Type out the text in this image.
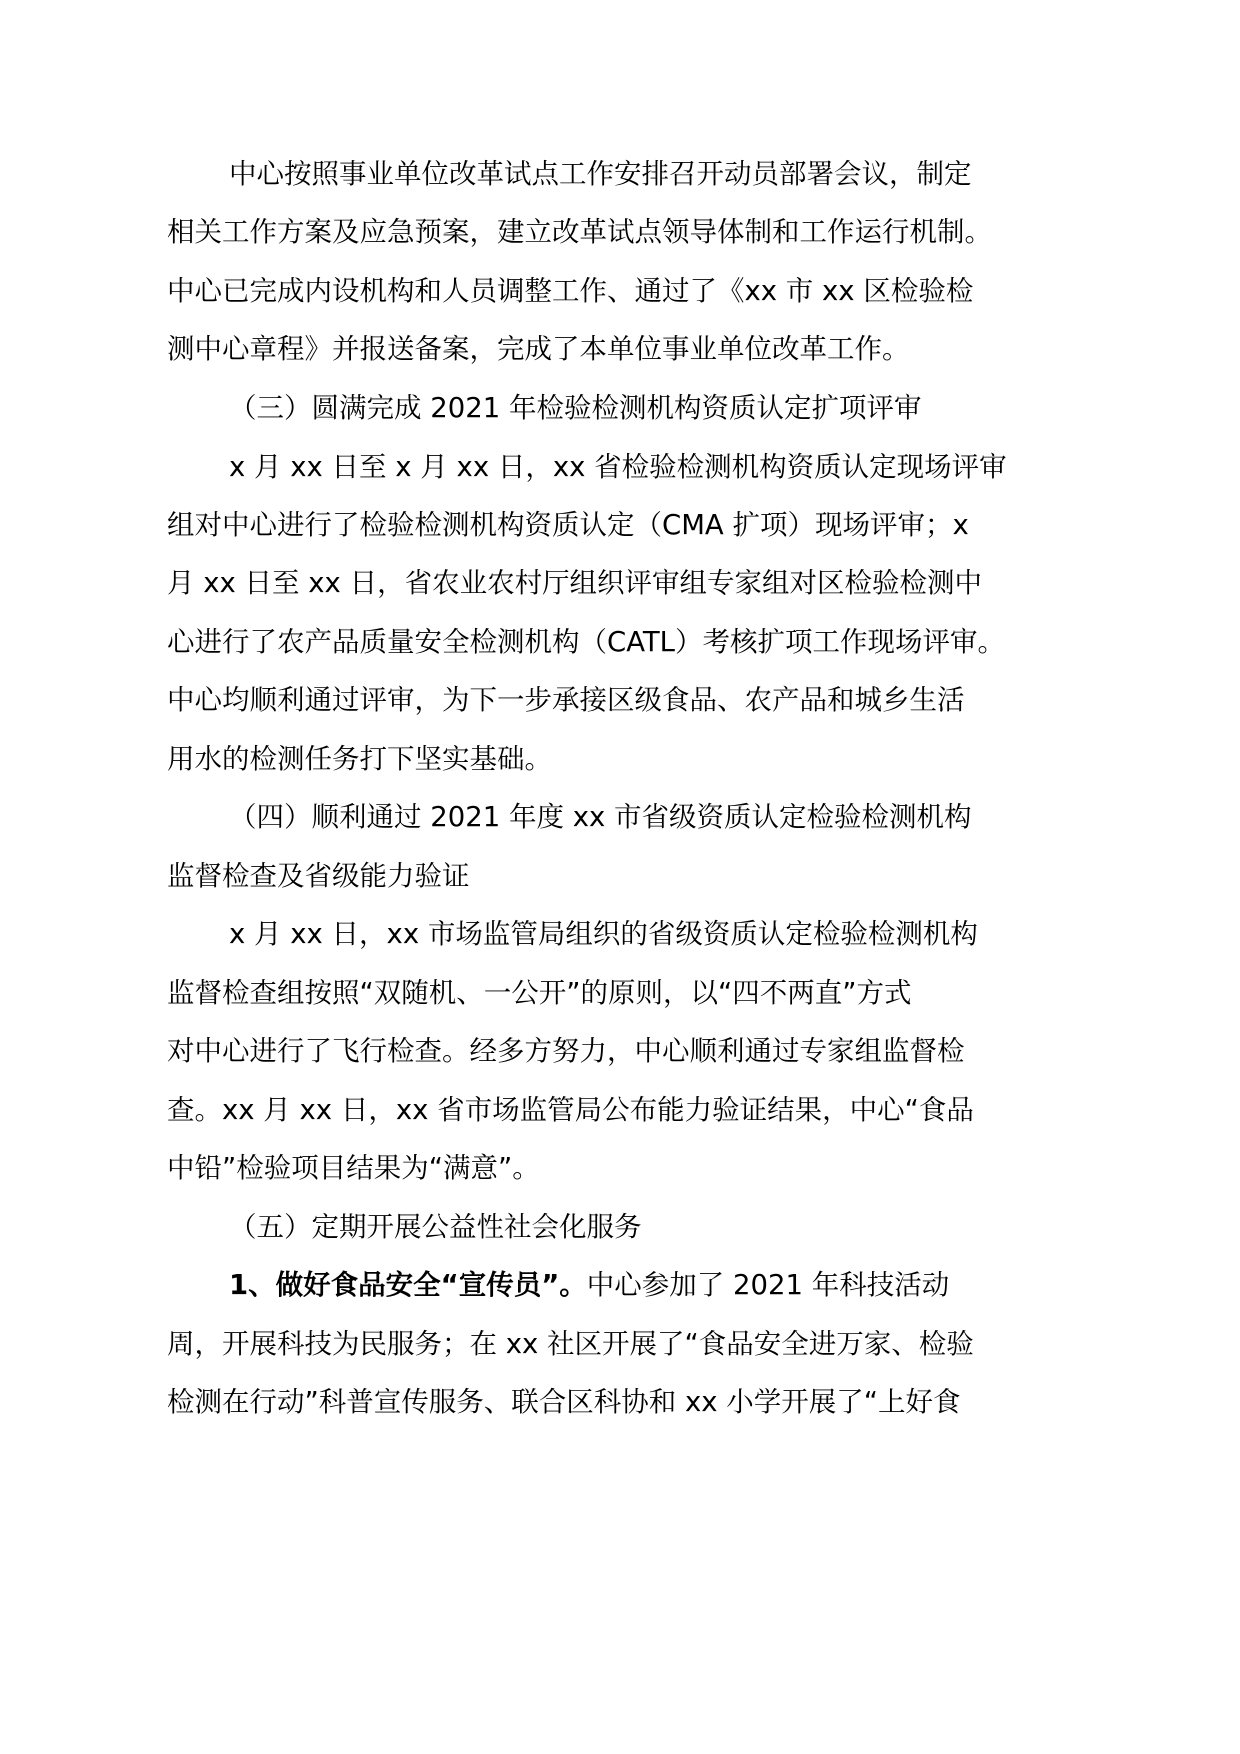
中心按照事业单位改革试点工作安排召开动员部署会议，制定
相关工作方案及应急预案，建立改革试点领导体制和工作运行机制。
中心已完成内设机构和人员调整工作、通过了《xx 市 xx 区检验检
测中心章程》并报送备案，完成了本单位事业单位改革工作。
（三）圆满完成 2021 年检验检测机构资质认定扩项评审
x 月 xx 日至 x 月 xx 日，xx 省检验检测机构资质认定现场评审
组对中心进行了检验检测机构资质认定（CMA 扩项）现场评审；x
月 xx 日至 xx 日，省农业农村厅组织评审组专家组对区检验检测中
心进行了农产品质量安全检测机构（CATL）考核扩项工作现场评审。
中心均顺利通过评审，为下一步承接区级食品、农产品和城乡生活
用水的检测任务打下坚实基础。
（四）顺利通过 2021 年度 xx 市省级资质认定检验检测机构
监督检查及省级能力验证
x 月 xx 日，xx 市场监管局组织的省级资质认定检验检测机构
监督检查组按照“双随机、一公开”的原则，以“四不两直”方式
对中心进行了飞行检查。经多方努力，中心顺利通过专家组监督检
查。xx 月 xx 日，xx 省市场监管局公布能力验证结果，中心“食品
中铅”检验项目结果为“满意”。
（五）定期开展公益性社会化服务
1、做好食品安全“宣传员”。中心参加了 2021 年科技活动
周，开展科技为民服务；在 xx 社区开展了“食品安全进万家、检验
检测在行动”科普宣传服务、联合区科协和 xx 小学开展了“上好食
